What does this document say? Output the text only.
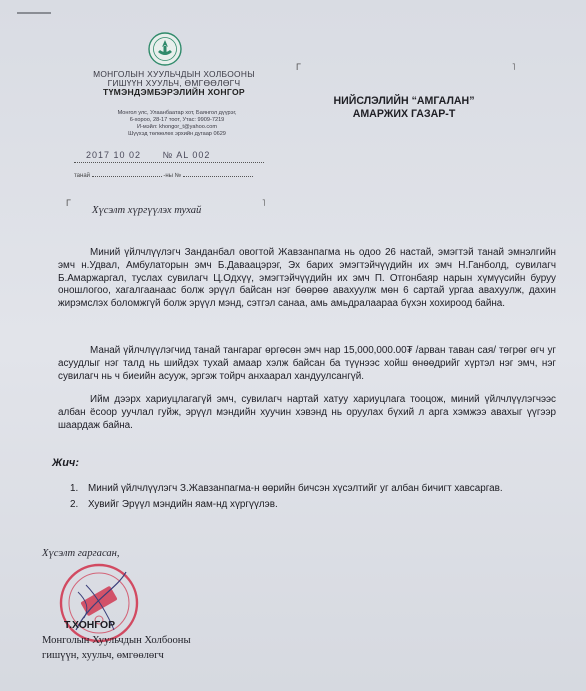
МОНГОЛЫН ХУУЛЬЧДЫН ХОЛБООНЫ
ГИШҮҮН ХУУЛЬЧ, ӨМГӨӨЛӨГЧ
ТҮМЭНДЭМБЭРЭЛИЙН ХОНГОР
Монгол улс, Улаанбаатар хот, Баянгол дүүрэг,
6-хороо, 28-17 тоот, Утас: 9909-7219
И-мэйл: khongor_t@yahoo.com
Шүүхэд төлөөлөх эрхийн дугаар 0629
2017 10 02 № AL 002
танай	-ны №
Г	˥
Г	˥
НИЙСЛЭЛИЙН “АМГАЛАН”
АМАРЖИХ ГАЗАР-Т
Хүсэлт хүргүүлэх тухай
Миний үйлчлүүлэгч Занданбал овогтой Жавзанпагма нь одоо 26 настай, эмэгтэй танай эмнэлгийн эмч н.Удвал, Амбулаторын эмч Б.Даваацэрэг, Эх барих эмэгтэйчүүдийн их эмч Н.Ганболд, сувилагч Б.Амаржаргал, туслах сувилагч Ц.Одхүү, эмэгтэйчүүдийн их эмч П. Отгонбаяр нарын хүмүүсийн буруу оношлогоо, хагалгаанаас болж эрүүл байсан нэг бөөрөө авахуулж мөн 6 сартай ургаа авахуулж, дахин жирэмслэх боломжгүй болж эрүүл мэнд, сэтгэл санаа, амь амьдралаараа бүхэн хохироод байна.
Манай үйлчлүүлэгчид танай тангараг өргөсөн эмч нар 15,000,000.00₮ /арван таван сая/ төгрөг өгч уг асуудлыг нэг талд нь шийдэх тухай амаар хэлж байсан ба түүнээс хойш өнөөдрийг хүртэл нэг эмч, нэг сувилагч нь ч биеийн асууж, эргэж тойрч анхаарал хандуулсангүй.
Ийм дээрх хариуцлагагүй эмч, сувилагч нартай хатуу хариуцлага тооцож, миний үйлчлүүлэгчээс албан ёсоор уучлал гуйж, эрүүл мэндийн хуучин хэвэнд нь оруулах бүхий л арга хэмжээ авахыг үүгээр шаардаж байна.
Жич:
1. Миний үйлчлүүлэгч З.Жавзанпагма-н өөрийн бичсэн хүсэлтийг уг албан бичигт хавсаргав.
2. Хувийг Эрүүл мэндийн яам-нд хүргүүлэв.
Хүсэлт гаргасан,
Т.ХОНГОР
Монголын Хуульчдын Холбооны
гишүүн, хуульч, өмгөөлөгч
